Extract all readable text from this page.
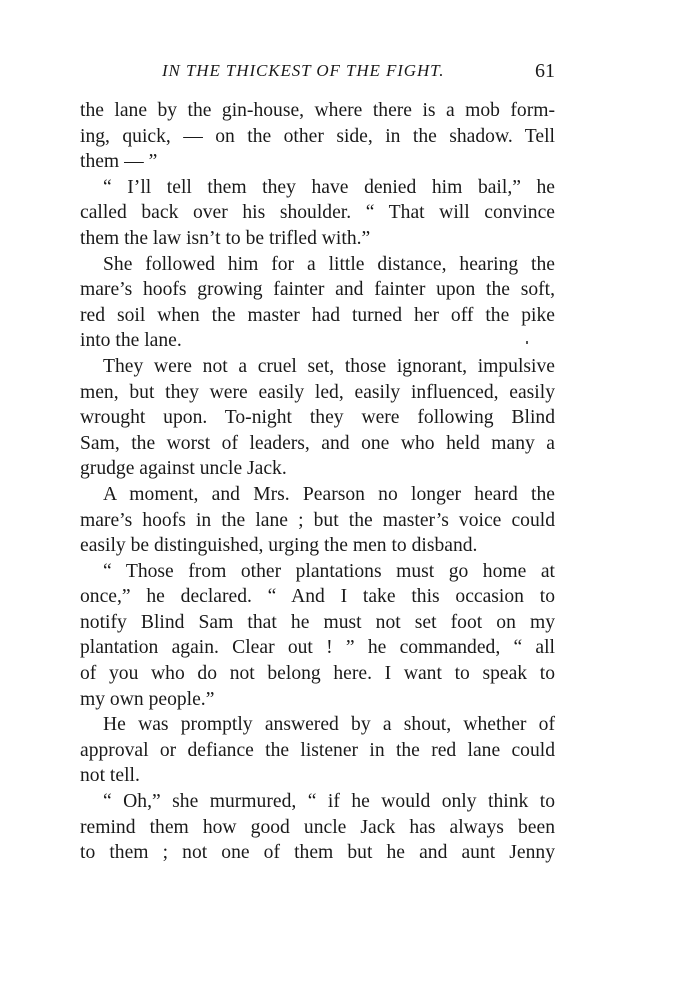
IN THE THICKEST OF THE FIGHT.	61
the lane by the gin-house, where there is a mob form-
ing, quick, — on the other side, in the shadow. Tell
them — ”
“ I’ll tell them they have denied him bail,” he
called back over his shoulder. “ That will convince
them the law isn’t to be trifled with.”
She followed him for a little distance, hearing the
mare’s hoofs growing fainter and fainter upon the soft,
red soil when the master had turned her off the pike
into the lane.
They were not a cruel set, those ignorant, impulsive
men, but they were easily led, easily influenced, easily
wrought upon. To-night they were following Blind
Sam, the worst of leaders, and one who held many a
grudge against uncle Jack.
A moment, and Mrs. Pearson no longer heard the
mare’s hoofs in the lane ; but the master’s voice could
easily be distinguished, urging the men to disband.
“ Those from other plantations must go home at
once,” he declared. “ And I take this occasion to
notify Blind Sam that he must not set foot on my
plantation again. Clear out ! ” he commanded, “ all
of you who do not belong here. I want to speak to
my own people.”
He was promptly answered by a shout, whether of
approval or defiance the listener in the red lane could
not tell.
“ Oh,” she murmured, “ if he would only think to
remind them how good uncle Jack has always been
to them ; not one of them but he and aunt Jenny
